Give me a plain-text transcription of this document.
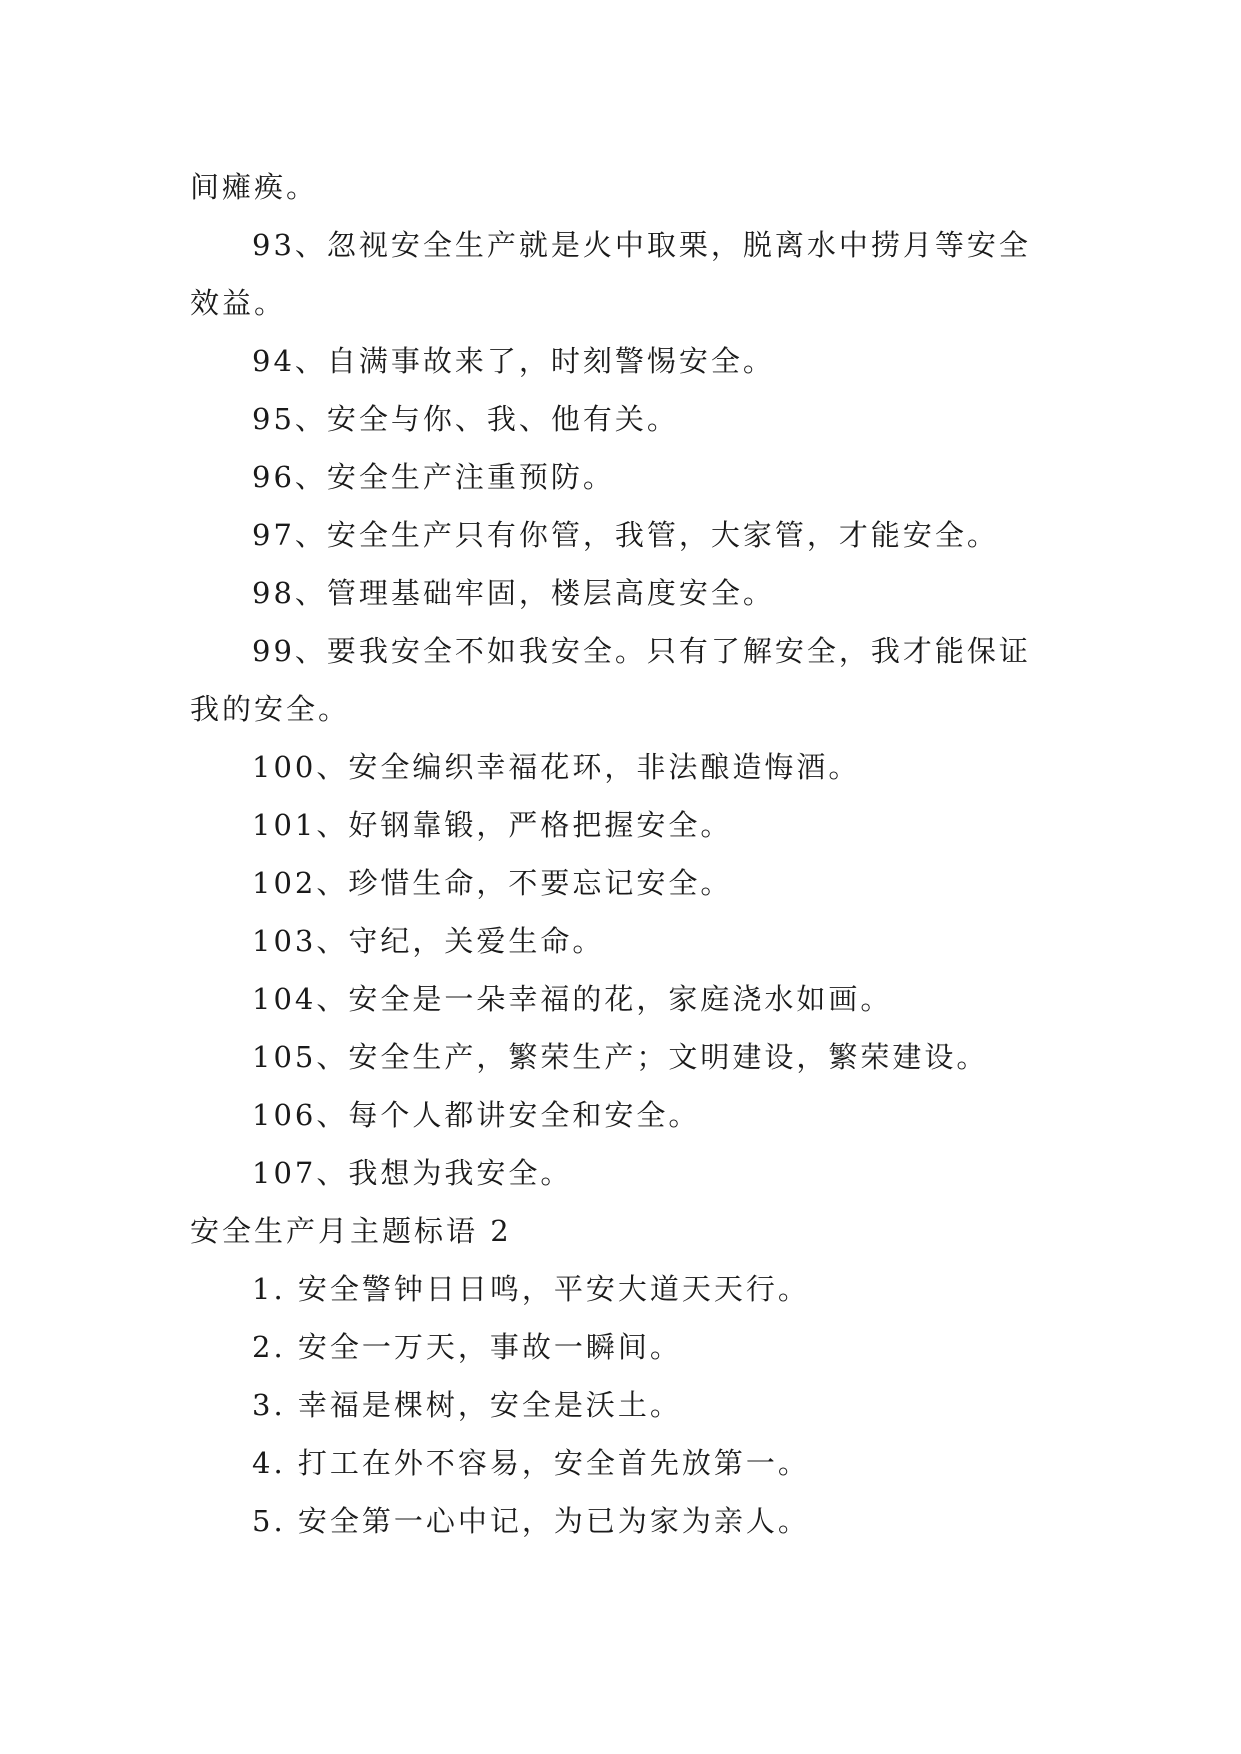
间瘫痪。
93、忽视安全生产就是火中取栗，脱离水中捞月等安全
效益。
94、自满事故来了，时刻警惕安全。
95、安全与你、我、他有关。
96、安全生产注重预防。
97、安全生产只有你管，我管，大家管，才能安全。
98、管理基础牢固，楼层高度安全。
99、要我安全不如我安全。只有了解安全，我才能保证
我的安全。
100、安全编织幸福花环，非法酿造悔酒。
101、好钢靠锻，严格把握安全。
102、珍惜生命，不要忘记安全。
103、守纪，关爱生命。
104、安全是一朵幸福的花，家庭浇水如画。
105、安全生产，繁荣生产；文明建设，繁荣建设。
106、每个人都讲安全和安全。
107、我想为我安全。
安全生产月主题标语 2
1. 安全警钟日日鸣，平安大道天天行。
2. 安全一万天，事故一瞬间。
3. 幸福是棵树，安全是沃土。
4. 打工在外不容易，安全首先放第一。
5. 安全第一心中记，为已为家为亲人。
